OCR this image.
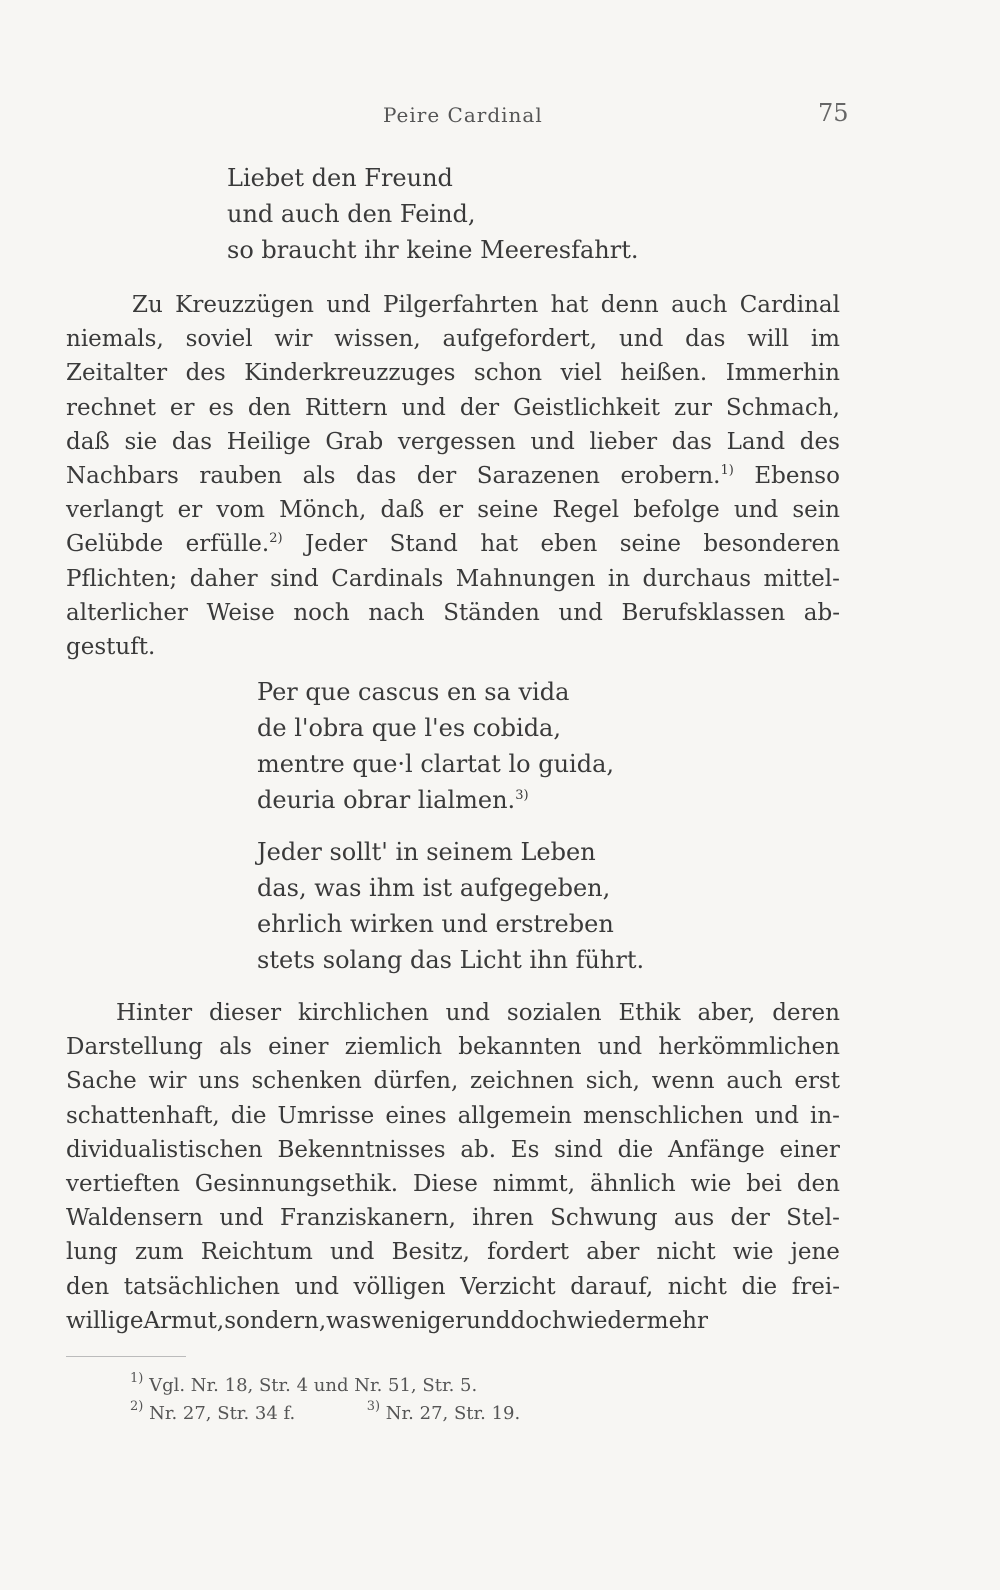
Peire Cardinal	75
Liebet den Freund
und auch den Feind,
so braucht ihr keine Meeresfahrt.
Zu Kreuzzügen und Pilgerfahrten hat denn auch Cardinal
niemals, soviel wir wissen, aufgefordert, und das will im
Zeitalter des Kinderkreuzzuges schon viel heißen. Immerhin
rechnet er es den Rittern und der Geistlichkeit zur Schmach,
daß sie das Heilige Grab vergessen und lieber das Land des
Nachbars rauben als das der Sarazenen erobern.$^{1)}$ Ebenso
verlangt er vom Mönch, daß er seine Regel befolge und sein
Gelübde erfülle.$^{2)}$ Jeder Stand hat eben seine besonderen
Pflichten; daher sind Cardinals Mahnungen in durchaus mittel-
alterlicher Weise noch nach Ständen und Berufsklassen ab-
gestuft.
Per que cascus en sa vida
de l'obra que l'es cobida,
mentre que·l clartat lo guida,
deuria obrar lialmen.$^{3)}$
Jeder sollt' in seinem Leben
das, was ihm ist aufgegeben,
ehrlich wirken und erstreben
stets solang das Licht ihn führt.
Hinter dieser kirchlichen und sozialen Ethik aber, deren
Darstellung als einer ziemlich bekannten und herkömmlichen
Sache wir uns schenken dürfen, zeichnen sich, wenn auch erst
schattenhaft, die Umrisse eines allgemein menschlichen und in-
dividualistischen Bekenntnisses ab. Es sind die Anfänge einer
vertieften Gesinnungsethik. Diese nimmt, ähnlich wie bei den
Waldensern und Franziskanern, ihren Schwung aus der Stel-
lung zum Reichtum und Besitz, fordert aber nicht wie jene
den tatsächlichen und völligen Verzicht darauf, nicht die frei-
willige Armut, sondern, was weniger und doch wieder mehr
$^{1)}$ Vgl. Nr. 18, Str. 4 und Nr. 51, Str. 5.
$^{2)}$ Nr. 27, Str. 34 f.	$^{3)}$ Nr. 27, Str. 19.
